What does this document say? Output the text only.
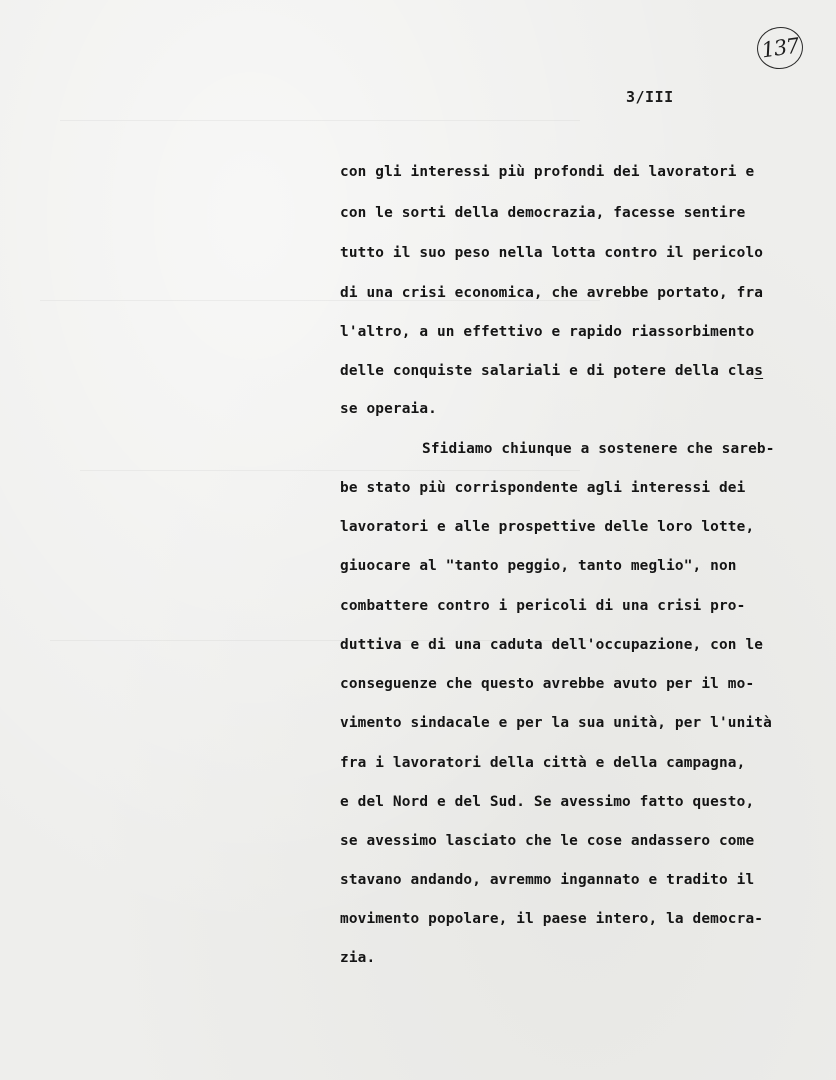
137
3/III
con gli interessi più profondi dei lavoratori e
con le sorti della democrazia, facesse sentire
tutto il suo peso nella lotta contro il pericolo
di una crisi economica, che avrebbe portato, fra
l'altro, a un effettivo e rapido riassorbimento
delle conquiste salariali e di potere della clas
se operaia.
Sfidiamo chiunque a sostenere che sareb-
be stato più corrispondente agli interessi dei
lavoratori e alle prospettive delle loro lotte,
giuocare al "tanto peggio, tanto meglio", non
combattere contro i pericoli di una crisi pro-
duttiva e di una caduta dell'occupazione, con le
conseguenze che questo avrebbe avuto per il mo-
vimento sindacale e per la sua unità, per l'unità
fra i lavoratori della città e della campagna,
e del Nord e del Sud. Se avessimo fatto questo,
se avessimo lasciato che le cose andassero come
stavano andando, avremmo ingannato e tradito il
movimento popolare, il paese intero, la democra-
zia.
